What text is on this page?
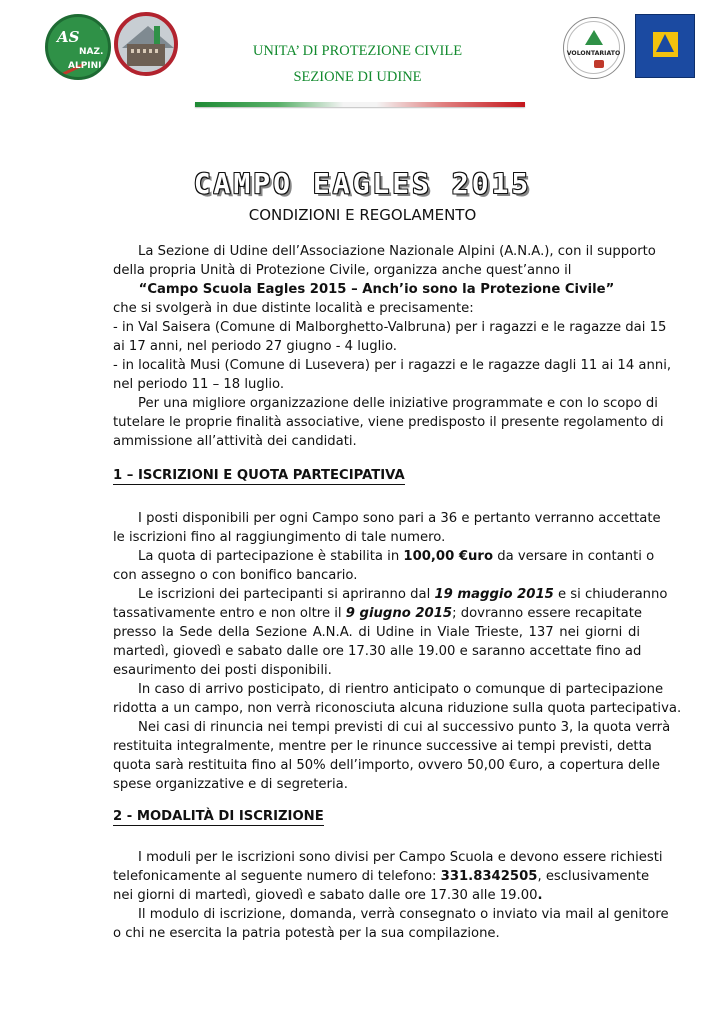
AS	®
NAZ.
ALPINI
UNITA’ DI PROTEZIONE CIVILE
SEZIONE DI UDINE
VOLONTARIATO
CAMPO EAGLES 2015
CONDIZIONI E REGOLAMENTO
La Sezione di Udine dell’Associazione Nazionale Alpini (A.N.A.), con il supporto
della propria Unità di Protezione Civile, organizza anche quest’anno il
“Campo Scuola Eagles 2015 – Anch’io sono la Protezione Civile”
che si svolgerà in due distinte località e precisamente:
- in Val Saisera (Comune di Malborghetto-Valbruna) per i ragazzi e le ragazze dai 15
ai 17 anni, nel periodo 27 giugno - 4 luglio.
- in località Musi (Comune di Lusevera) per i ragazzi e le ragazze dagli 11 ai 14 anni,
nel periodo 11 – 18 luglio.
Per una migliore organizzazione delle iniziative programmate e con lo scopo di
tutelare le proprie finalità associative, viene predisposto il presente regolamento di
ammissione all’attività dei candidati.
1 – ISCRIZIONI E QUOTA PARTECIPATIVA
I posti disponibili per ogni Campo sono pari a 36 e pertanto verranno accettate
le iscrizioni fino al raggiungimento di tale numero.
La quota di partecipazione è stabilita in 100,00 €uro da versare in contanti o
con assegno o con bonifico bancario.
Le iscrizioni dei partecipanti si apriranno dal 19 maggio 2015 e si chiuderanno
tassativamente entro e non oltre il 9 giugno 2015; dovranno essere recapitate
presso la Sede della Sezione A.N.A. di Udine in Viale Trieste, 137 nei giorni di
martedì, giovedì e sabato dalle ore 17.30 alle 19.00 e saranno accettate fino ad
esaurimento dei posti disponibili.
In caso di arrivo posticipato, di rientro anticipato o comunque di partecipazione
ridotta a un campo, non verrà riconosciuta alcuna riduzione sulla quota partecipativa.
Nei casi di rinuncia nei tempi previsti di cui al successivo punto 3, la quota verrà
restituita integralmente, mentre per le rinunce successive ai tempi previsti, detta
quota sarà restituita fino al 50% dell’importo, ovvero 50,00 €uro, a copertura delle
spese organizzative e di segreteria.
2 - MODALITÀ DI ISCRIZIONE
I moduli per le iscrizioni sono divisi per Campo Scuola e devono essere richiesti
telefonicamente al seguente numero di telefono: 331.8342505, esclusivamente
nei giorni di martedì, giovedì e sabato dalle ore 17.30 alle 19.00.
Il modulo di iscrizione, domanda, verrà consegnato o inviato via mail al genitore
o chi ne esercita la patria potestà per la sua compilazione.
